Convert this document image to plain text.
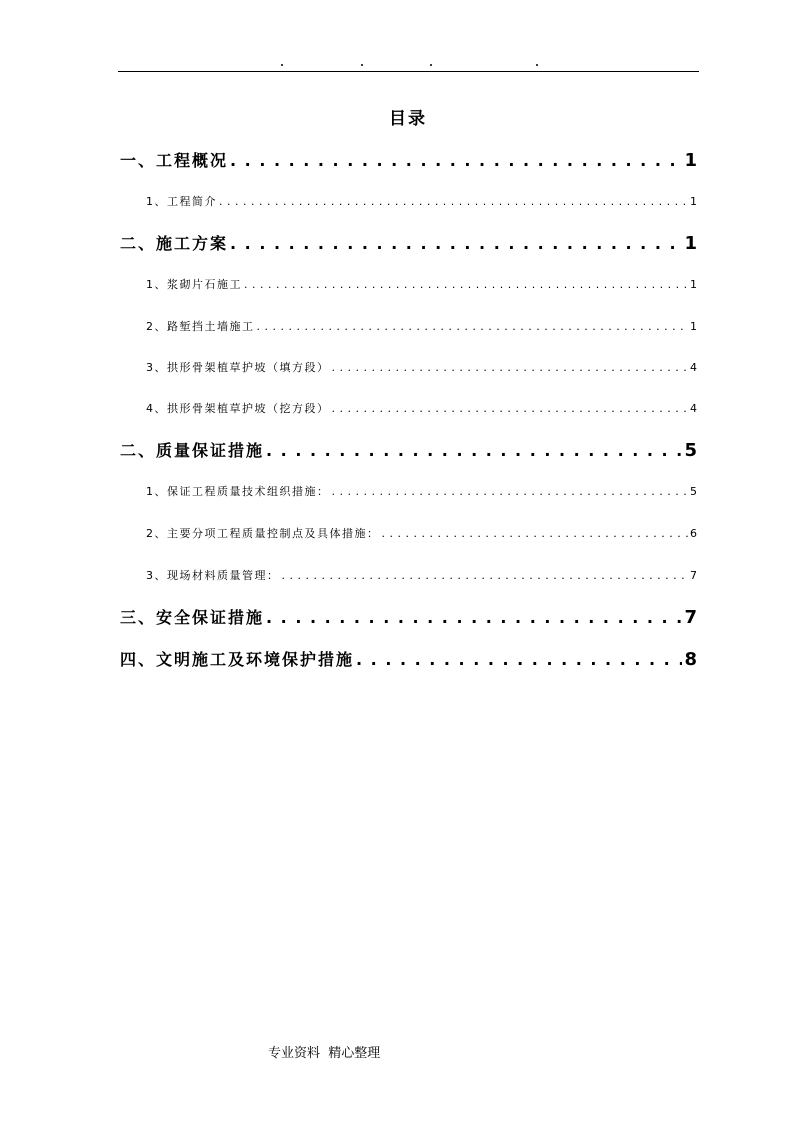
目录
一、工程概况 . . .	1
1、工程简介 . . .	1
二、施工方案 . . .	1
1、浆砌片石施工 . . .	1
2、路堑挡土墙施工 . . .	1
3、拱形骨架植草护坡（填方段） . . .	4
4、拱形骨架植草护坡（挖方段） . . .	4
二、质量保证措施 . . .	5
1、保证工程质量技术组织措施： . . .	5
2、主要分项工程质量控制点及具体措施： . . .	6
3、现场材料质量管理： . . .	7
三、安全保证措施 . . .	7
四、文明施工及环境保护措施 . . .	8
专业资料  精心整理
